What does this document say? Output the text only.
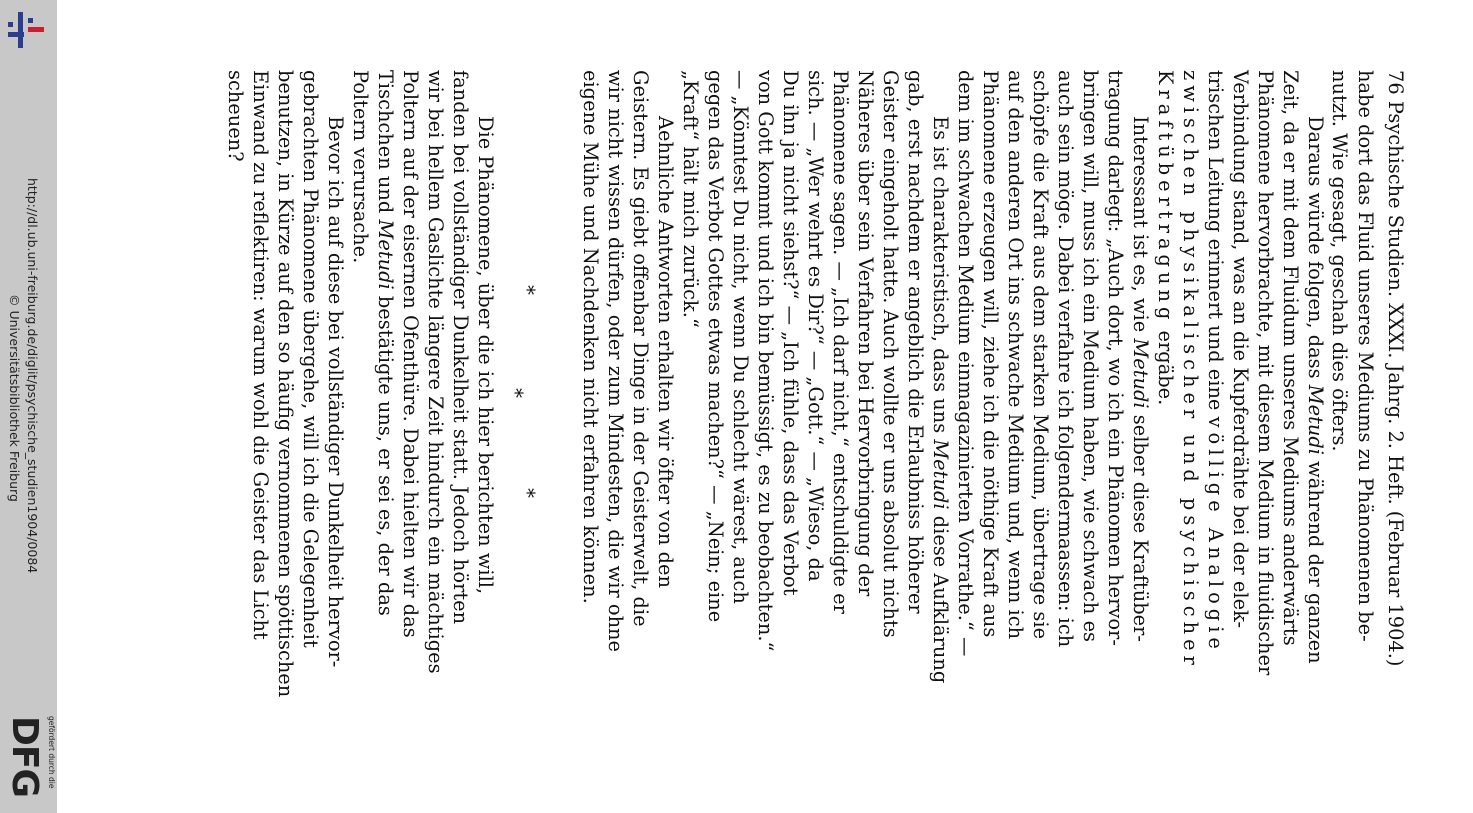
http://dl.ub.uni-freiburg.de/diglit/psychische_studien1904/0084
© Universitätsbibliothek Freiburg
gefördert durch die
DFG
76 Psychische Studien. XXXI. Jahrg. 2. Heft. (Februar 1904.)
habe dort das Fluid unseres Mediums zu Phänomenen be-
nutzt. Wie gesagt, geschah dies öfters.
Daraus würde folgen, dass Metudi während der ganzen
Zeit, da er mit dem Fluidum unseres Mediums anderwärts
Phänomene hervorbrachte, mit diesem Medium in fluidischer
Verbindung stand, was an die Kupferdrähte bei der elek-
trischen Leitung erinnert und eine völlige Analogie
zwischen physikalischer und psychischer
Kraftübertragung ergäbe.
Interessant ist es, wie Metudi selber diese Kraftüber-
tragung darlegt: „Auch dort, wo ich ein Phänomen hervor-
bringen will, muss ich ein Medium haben, wie schwach es
auch sein möge. Dabei verfahre ich folgendermaassen: ich
schöpfe die Kraft aus dem starken Medium, übertrage sie
auf den anderen Ort ins schwache Medium und, wenn ich
Phänomene erzeugen will, ziehe ich die nöthige Kraft aus
dem im schwachen Medium einmagazinierten Vorrathe.“ —
Es ist charakteristisch, dass uns Metudi diese Aufklärung
gab, erst nachdem er angeblich die Erlaubniss höherer
Geister eingeholt hatte. Auch wollte er uns absolut nichts
Näheres über sein Verfahren bei Hervorbringung der
Phänomene sagen. — „Ich darf nicht,“ entschuldigte er
sich. — „Wer wehrt es Dir?“ — „Gott.“ — „Wieso, da
Du ihn ja nicht siehst?“ — „Ich fühle, dass das Verbot
von Gott kommt und ich bin bemüssigt, es zu beobachten.“
— „Könntest Du nicht, wenn Du schlecht wärest, auch
gegen das Verbot Gottes etwas machen?“ — „Nein; eine
„Kraft“ hält mich zurück.“
Aehnliche Antworten erhalten wir öfter von den
Geistern. Es giebt offenbar Dinge in der Geisterwelt, die
wir nicht wissen dürfen, oder zum Mindesten, die wir ohne
eigene Mühe und Nachdenken nicht erfahren können.
*
*
*
Die Phänomene, über die ich hier berichten will,
fanden bei vollständiger Dunkelheit statt. Jedoch hörten
wir bei hellem Gaslichte längere Zeit hindurch ein mächtiges
Poltern auf der eisernen Ofenthüre. Dabei hielten wir das
Tischchen und Metudi bestätigte uns, er sei es, der das
Poltern verursache.
Bevor ich auf diese bei vollständiger Dunkelheit hervor-
gebrachten Phänomene übergehe, will ich die Gelegenheit
benutzen, in Kürze auf den so häufig vernommenen spöttischen
Einwand zu reflektiren: warum wohl die Geister das Licht
scheuen?
